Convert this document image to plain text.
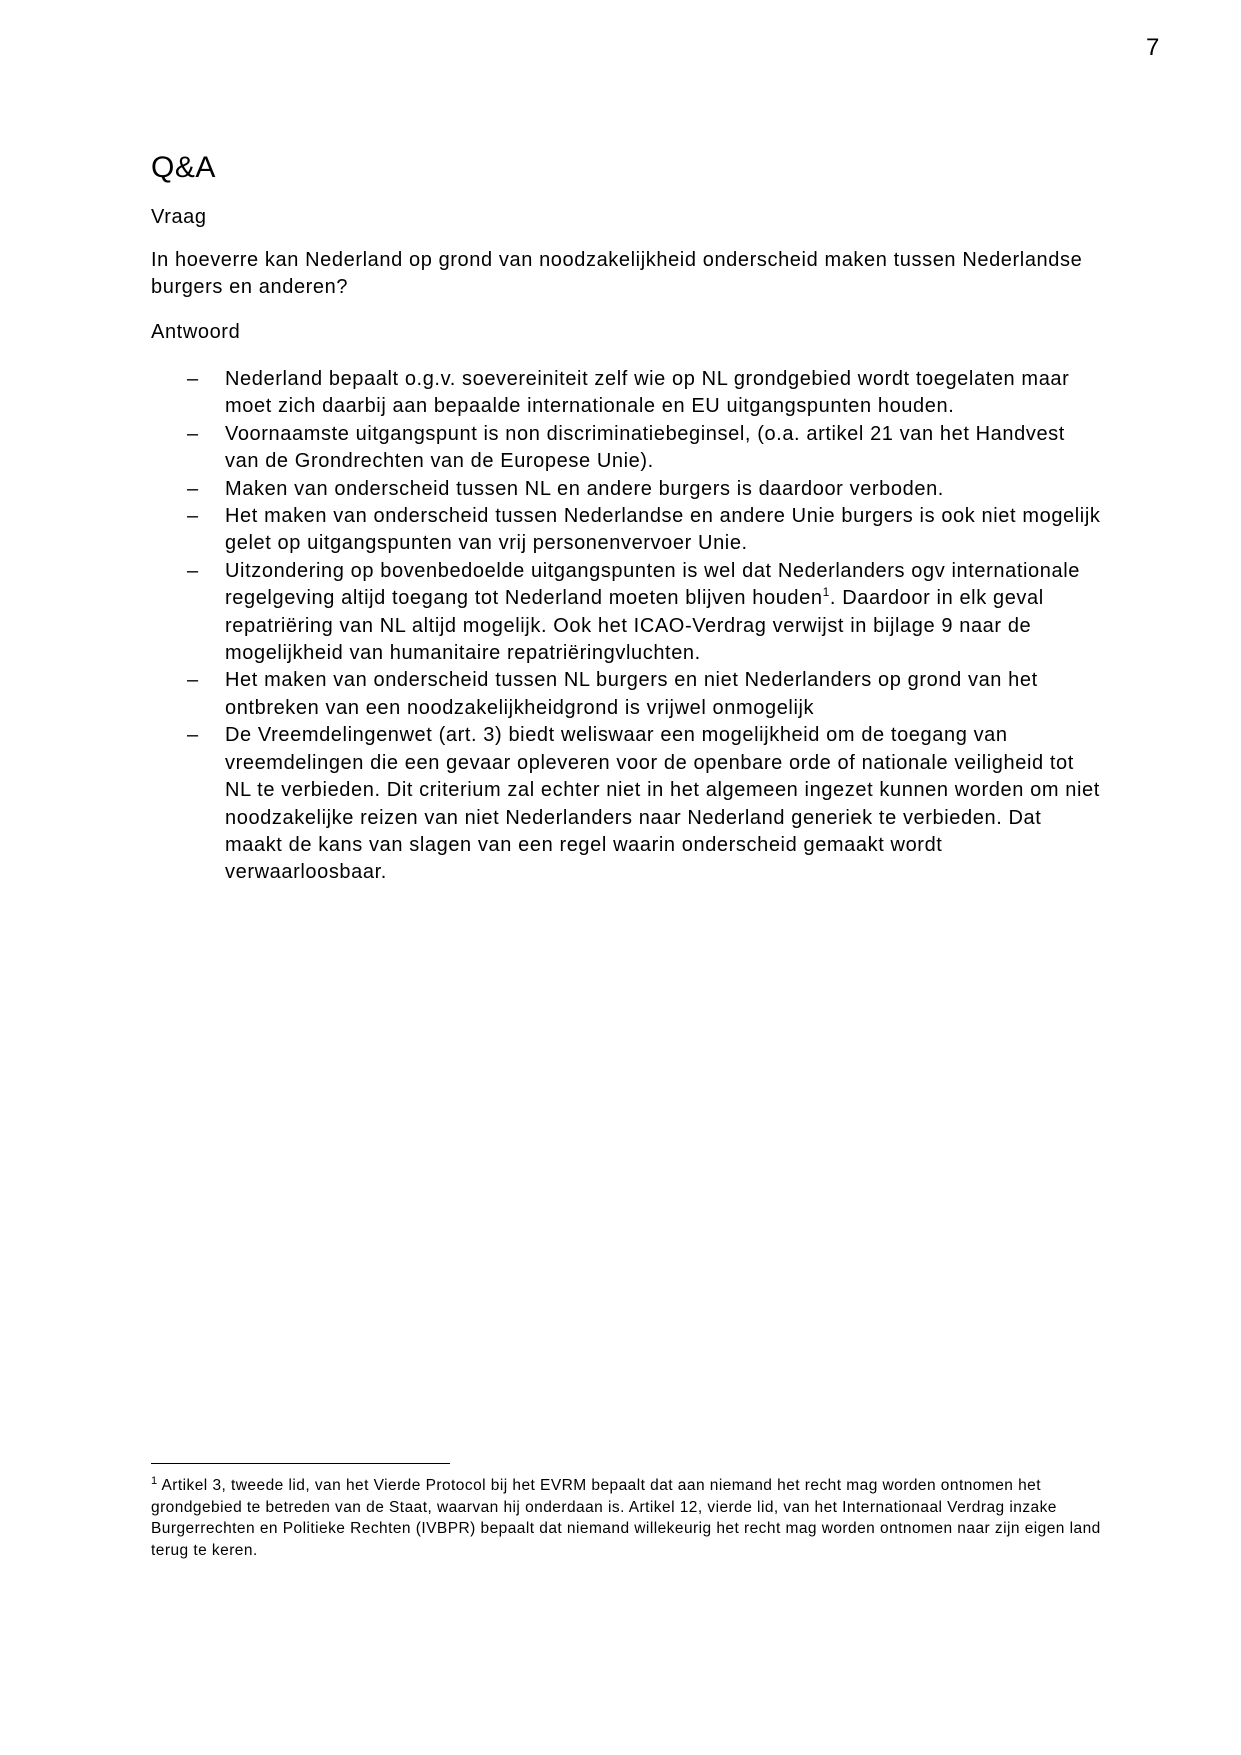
7
Q&A

Vraag

In hoeverre kan Nederland op grond van noodzakelijkheid onderscheid maken tussen Nederlandse burgers en anderen?

Antwoord

– Nederland bepaalt o.g.v. soevereiniteit zelf wie op NL grondgebied wordt toegelaten maar moet zich daarbij aan bepaalde internationale en EU uitgangspunten houden.
– Voornaamste uitgangspunt is non discriminatiebeginsel, (o.a. artikel 21 van het Handvest van de Grondrechten van de Europese Unie).
– Maken van onderscheid tussen NL en andere burgers is daardoor verboden.
– Het maken van onderscheid tussen Nederlandse en andere Unie burgers is ook niet mogelijk gelet op uitgangspunten van vrij personenvervoer Unie.
– Uitzondering op bovenbedoelde uitgangspunten is wel dat Nederlanders ogv internationale regelgeving altijd toegang tot Nederland moeten blijven houden$^1$. Daardoor in elk geval repatriëring van NL altijd mogelijk. Ook het ICAO-Verdrag verwijst in bijlage 9 naar de mogelijkheid van humanitaire repatriëringvluchten.
– Het maken van onderscheid tussen NL burgers en niet Nederlanders op grond van het ontbreken van een noodzakelijkheidgrond is vrijwel onmogelijk
– De Vreemdelingenwet (art. 3) biedt weliswaar een mogelijkheid om de toegang van vreemdelingen die een gevaar opleveren voor de openbare orde of nationale veiligheid tot NL te verbieden. Dit criterium zal echter niet in het algemeen ingezet kunnen worden om niet noodzakelijke reizen van niet Nederlanders naar Nederland generiek te verbieden. Dat maakt de kans van slagen van een regel waarin onderscheid gemaakt wordt verwaarloosbaar.
$^1$ Artikel 3, tweede lid, van het Vierde Protocol bij het EVRM bepaalt dat aan niemand het recht mag worden ontnomen het grondgebied te betreden van de Staat, waarvan hij onderdaan is. Artikel 12, vierde lid, van het Internationaal Verdrag inzake Burgerrechten en Politieke Rechten (IVBPR) bepaalt dat niemand willekeurig het recht mag worden ontnomen naar zijn eigen land terug te keren.
